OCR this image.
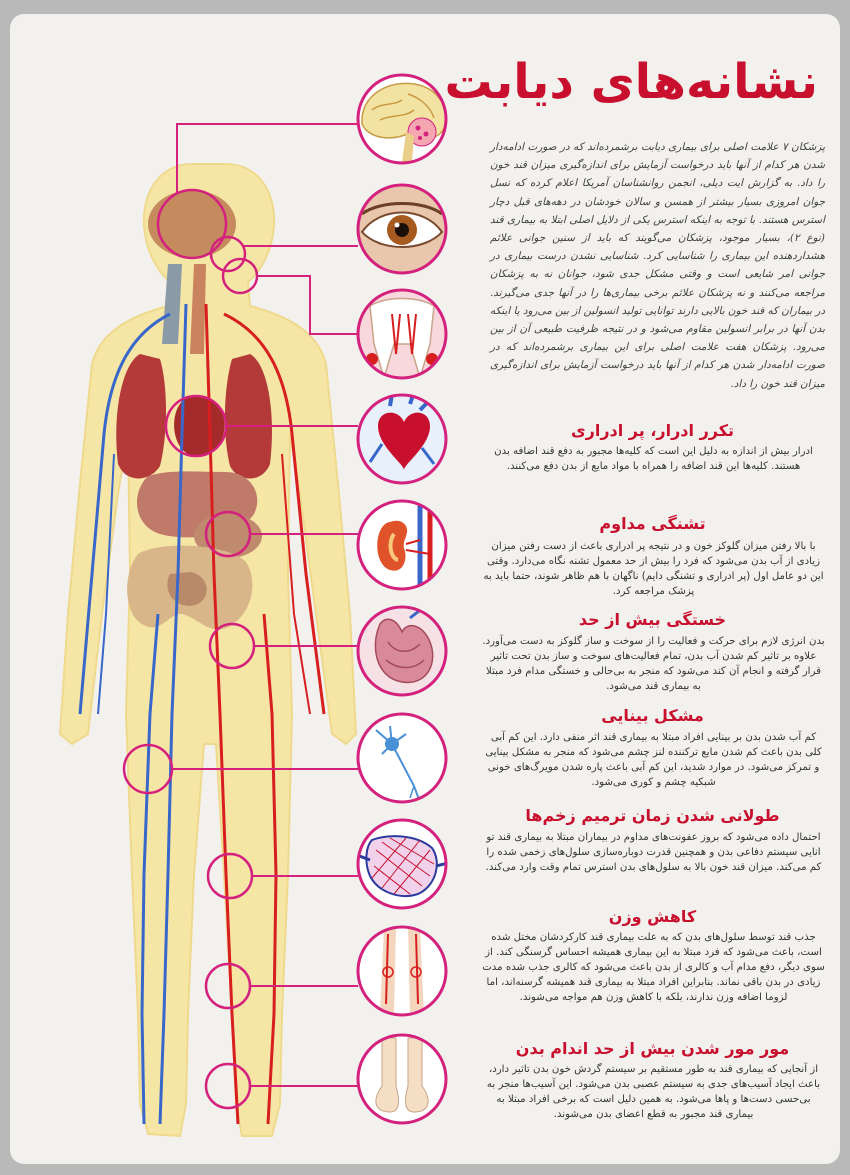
نشانه‌های دیابت

پزشکان ۷ علامت اصلی برای بیماری دیابت برشمرده‌اند که در صورت ادامه‌دار شدن هر کدام از آنها باید درخواست آزمایش برای اندازه‌گیری میزان قند خون را داد. به گزارش ایت دیلی، انجمن روانشناسان آمریکا اعلام کرده که نسل جوان امروزی بسیار بیشتر از همسن و سالان خودشان در دهه‌های قبل دچار استرس هستند. با توجه به اینکه استرس یکی از دلایل اصلی ابتلا به بیماری قند (نوع ۲)، بسیار موجود، پزشکان می‌گویند که باید از سنین جوانی علائم هشداردهنده این بیماری را شناسایی کرد. شناسایی نشدن درست بیماری در جوانی امر شایعی است و وقتی مشکل جدی شود، جوانان نه به پزشکان مراجعه می‌کنند و نه پزشکان علائم برخی بیماری‌ها را در آنها جدی می‌گیرند. در بیماران که قند خون بالایی دارند توانایی تولید انسولین از بین می‌رود یا اینکه بدن آنها در برابر انسولین مقاوم می‌شود و در نتیجه ظرفیت طبیعی آن از بین می‌رود. پزشکان هفت علامت اصلی برای این بیماری برشمرده‌اند که در صورت ادامه‌دار شدن هر کدام از آنها باید درخواست آزمایش برای اندازه‌گیری میزان قند خون را داد.

تکرر ادرار، پر ادراری

ادرار بیش از اندازه به دلیل این است که کلیه‌ها مجبور به دفع قند اضافه بدن هستند. کلیه‌ها این قند اضافه را همراه با مواد مایع از بدن دفع می‌کنند.

تشنگی مداوم

با بالا رفتن میزان گلوکز خون و در نتیجه پر ادراری باعث از دست رفتن میزان زیادی از آب بدن می‌شود که فرد را بیش از حد معمول تشنه نگاه می‌دارد. وقتی این دو عامل اول (پر ادراری و تشنگی دایم) ناگهان با هم ظاهر شوند، حتما باید به پزشک مراجعه کرد.

خستگی بیش از حد

بدن انرژی لازم برای حرکت و فعالیت را از سوخت و ساز گلوکز به دست می‌آورد. علاوه بر تاثیر کم شدن آب بدن، تمام فعالیت‌های سوخت و ساز بدن تحت تاثیر قرار گرفته و انجام آن کند می‌شود که منجر به بی‌حالی و خستگی مدام فرد مبتلا به بیماری قند می‌شود.

مشکل بینایی

کم آب شدن بدن بر بینایی افراد مبتلا به بیماری قند اثر منفی دارد. این کم آبی کلی بدن باعث کم شدن مایع ترکننده لنز چشم می‌شود که منجر به مشکل بینایی و تمرکز می‌شود. در موارد شدید، این کم آبی باعث پاره شدن مویرگ‌های خونی شبکیه چشم و کوری می‌شود.

طولانی شدن زمان ترمیم زخم‌ها

احتمال داده می‌شود که بروز عفونت‌های مداوم در بیماران مبتلا به بیماری قند تو انایی سیستم دفاعی بدن و همچنین قدرت دوباره‌سازی سلول‌های زخمی شده را کم می‌کند. میزان قند خون بالا به سلول‌های بدن استرس تمام وقت وارد می‌کند.

کاهش وزن

جذب قند توسط سلول‌های بدن که به علت بیماری قند کارکردشان مختل شده است، باعث می‌شود که فرد مبتلا به این بیماری همیشه احساس گرسنگی کند. از سوی دیگر، دفع مدام آب و کالری از بدن باعث می‌شود که کالری جذب شده مدت زیادی در بدن باقی نماند. بنابراین افراد مبتلا به بیماری قند همیشه گرسنه‌اند، اما لزوما اضافه وزن ندارند، بلکه با کاهش وزن هم مواجه می‌شوند.

مور مور شدن بیش از حد اندام بدن

از آنجایی که بیماری قند به طور مستقیم بر سیستم گردش خون بدن تاثیر دارد، باعث ایجاد آسیب‌های جدی به سیستم عصبی بدن می‌شود. این آسیب‌ها منجر به بی‌حسی دست‌ها و پاها می‌شود. به همین دلیل است که برخی افراد مبتلا به بیماری قند مجبور به قطع اعضای بدن می‌شوند.
